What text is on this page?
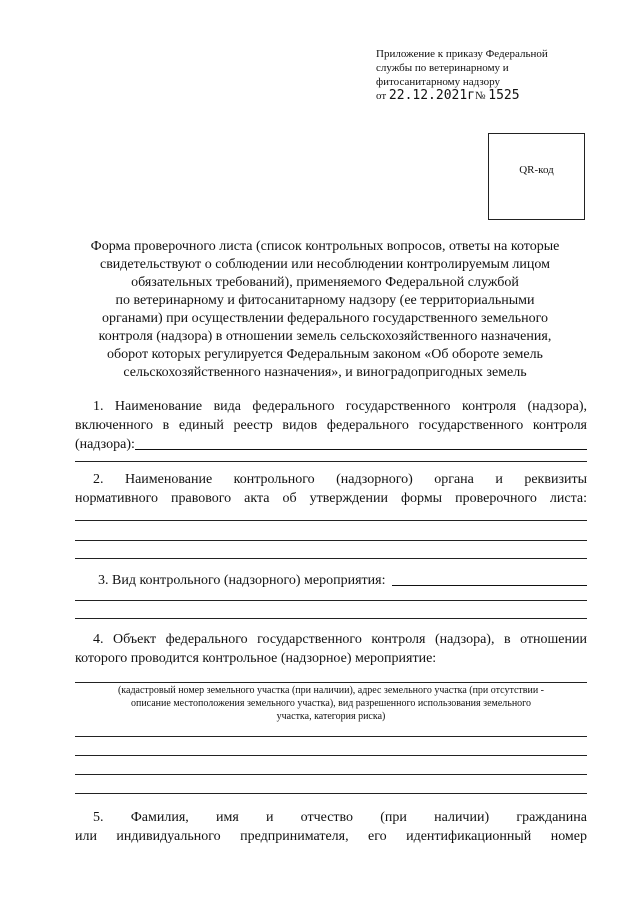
Приложение к приказу Федеральной
службы по ветеринарному и
фитосанитарному надзору
от 22.12.2021г№ 1525
QR-код
Форма проверочного листа (список контрольных вопросов, ответы на которые
свидетельствуют о соблюдении или несоблюдении контролируемым лицом
обязательных требований), применяемого Федеральной службой
по ветеринарному и фитосанитарному надзору (ее территориальными
органами) при осуществлении федерального государственного земельного
контроля (надзора) в отношении земель сельскохозяйственного назначения,
оборот которых регулируется Федеральным законом «Об обороте земель
сельскохозяйственного назначения», и виноградопригодных земель
1. Наименование вида федерального государственного контроля (надзора),
включенного в единый реестр видов федерального государственного контроля
(надзора):
2. Наименование контрольного (надзорного) органа и реквизиты
нормативного правового акта об утверждении формы проверочного листа:
3. Вид контрольного (надзорного) мероприятия:
4. Объект федерального государственного контроля (надзора), в отношении
которого проводится контрольное (надзорное) мероприятие:
(кадастровый номер земельного участка (при наличии), адрес земельного участка (при отсутствии -
описание местоположения земельного участка), вид разрешенного использования земельного
участка, категория риска)
5. Фамилия, имя и отчество (при наличии) гражданина
или индивидуального предпринимателя, его идентификационный номер
